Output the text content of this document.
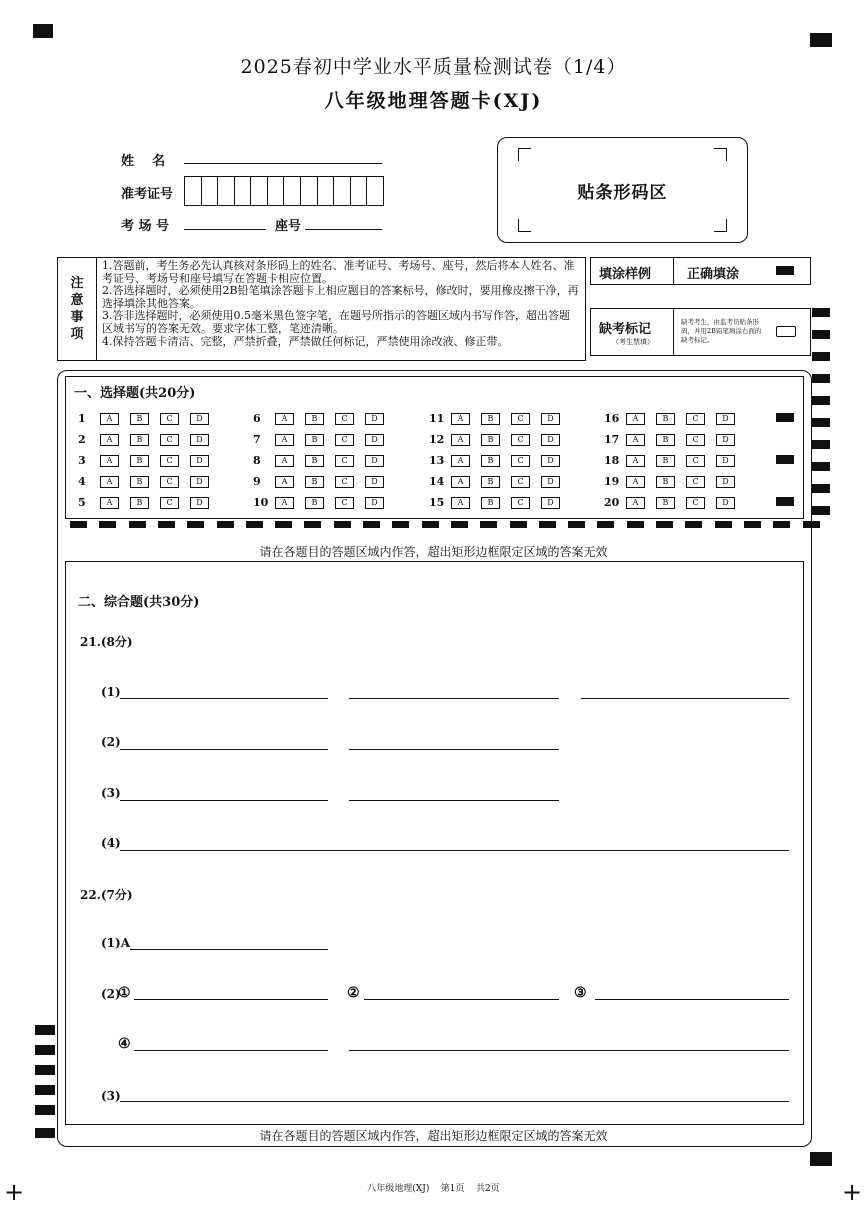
+	+
2025春初中学业水平质量检测试卷（1/4）
八年级地理答题卡(XJ)
姓    名
准考证号
考 场 号	座号
贴条形码区
注
意
事
项
1.答题前，考生务必先认真核对条形码上的姓名、准考证号、考场号、座号，然后将本人姓名、准考证号、考场号和座号填写在答题卡相应位置。
2.答选择题时，必须使用2B铅笔填涂答题卡上相应题目的答案标号，修改时，要用橡皮擦干净，再选择填涂其他答案。
3.答非选择题时，必须使用0.5毫米黑色签字笔，在题号所指示的答题区域内书写作答，超出答题区域书写的答案无效。要求字体工整，笔迹清晰。
4.保持答题卡清洁、完整，严禁折叠，严禁做任何标记，严禁使用涂改液、修正带。
填涂样例	正确填涂
缺考标记
（考生禁填）
缺考考生，由监考员贴条形码，并用2B铅笔填涂右面的缺考标记。
一、选择题(共20分)
1	A	B	C	D
2	A	B	C	D
3	A	B	C	D
4	A	B	C	D
5	A	B	C	D
6	A	B	C	D
7	A	B	C	D
8	A	B	C	D
9	A	B	C	D
10	A	B	C	D
11	A	B	C	D
12	A	B	C	D
13	A	B	C	D
14	A	B	C	D
15	A	B	C	D
16	A	B	C	D
17	A	B	C	D
18	A	B	C	D
19	A	B	C	D
20	A	B	C	D
请在各题目的答题区域内作答，超出矩形边框限定区域的答案无效
二、综合题(共30分)
21.(8分)
(1)
(2)
(3)
(4)
22.(7分)
(1)A
(2)
①	②	③
④
(3)
请在各题目的答题区域内作答，超出矩形边框限定区域的答案无效
八年级地理(XJ)    第1页    共2页
